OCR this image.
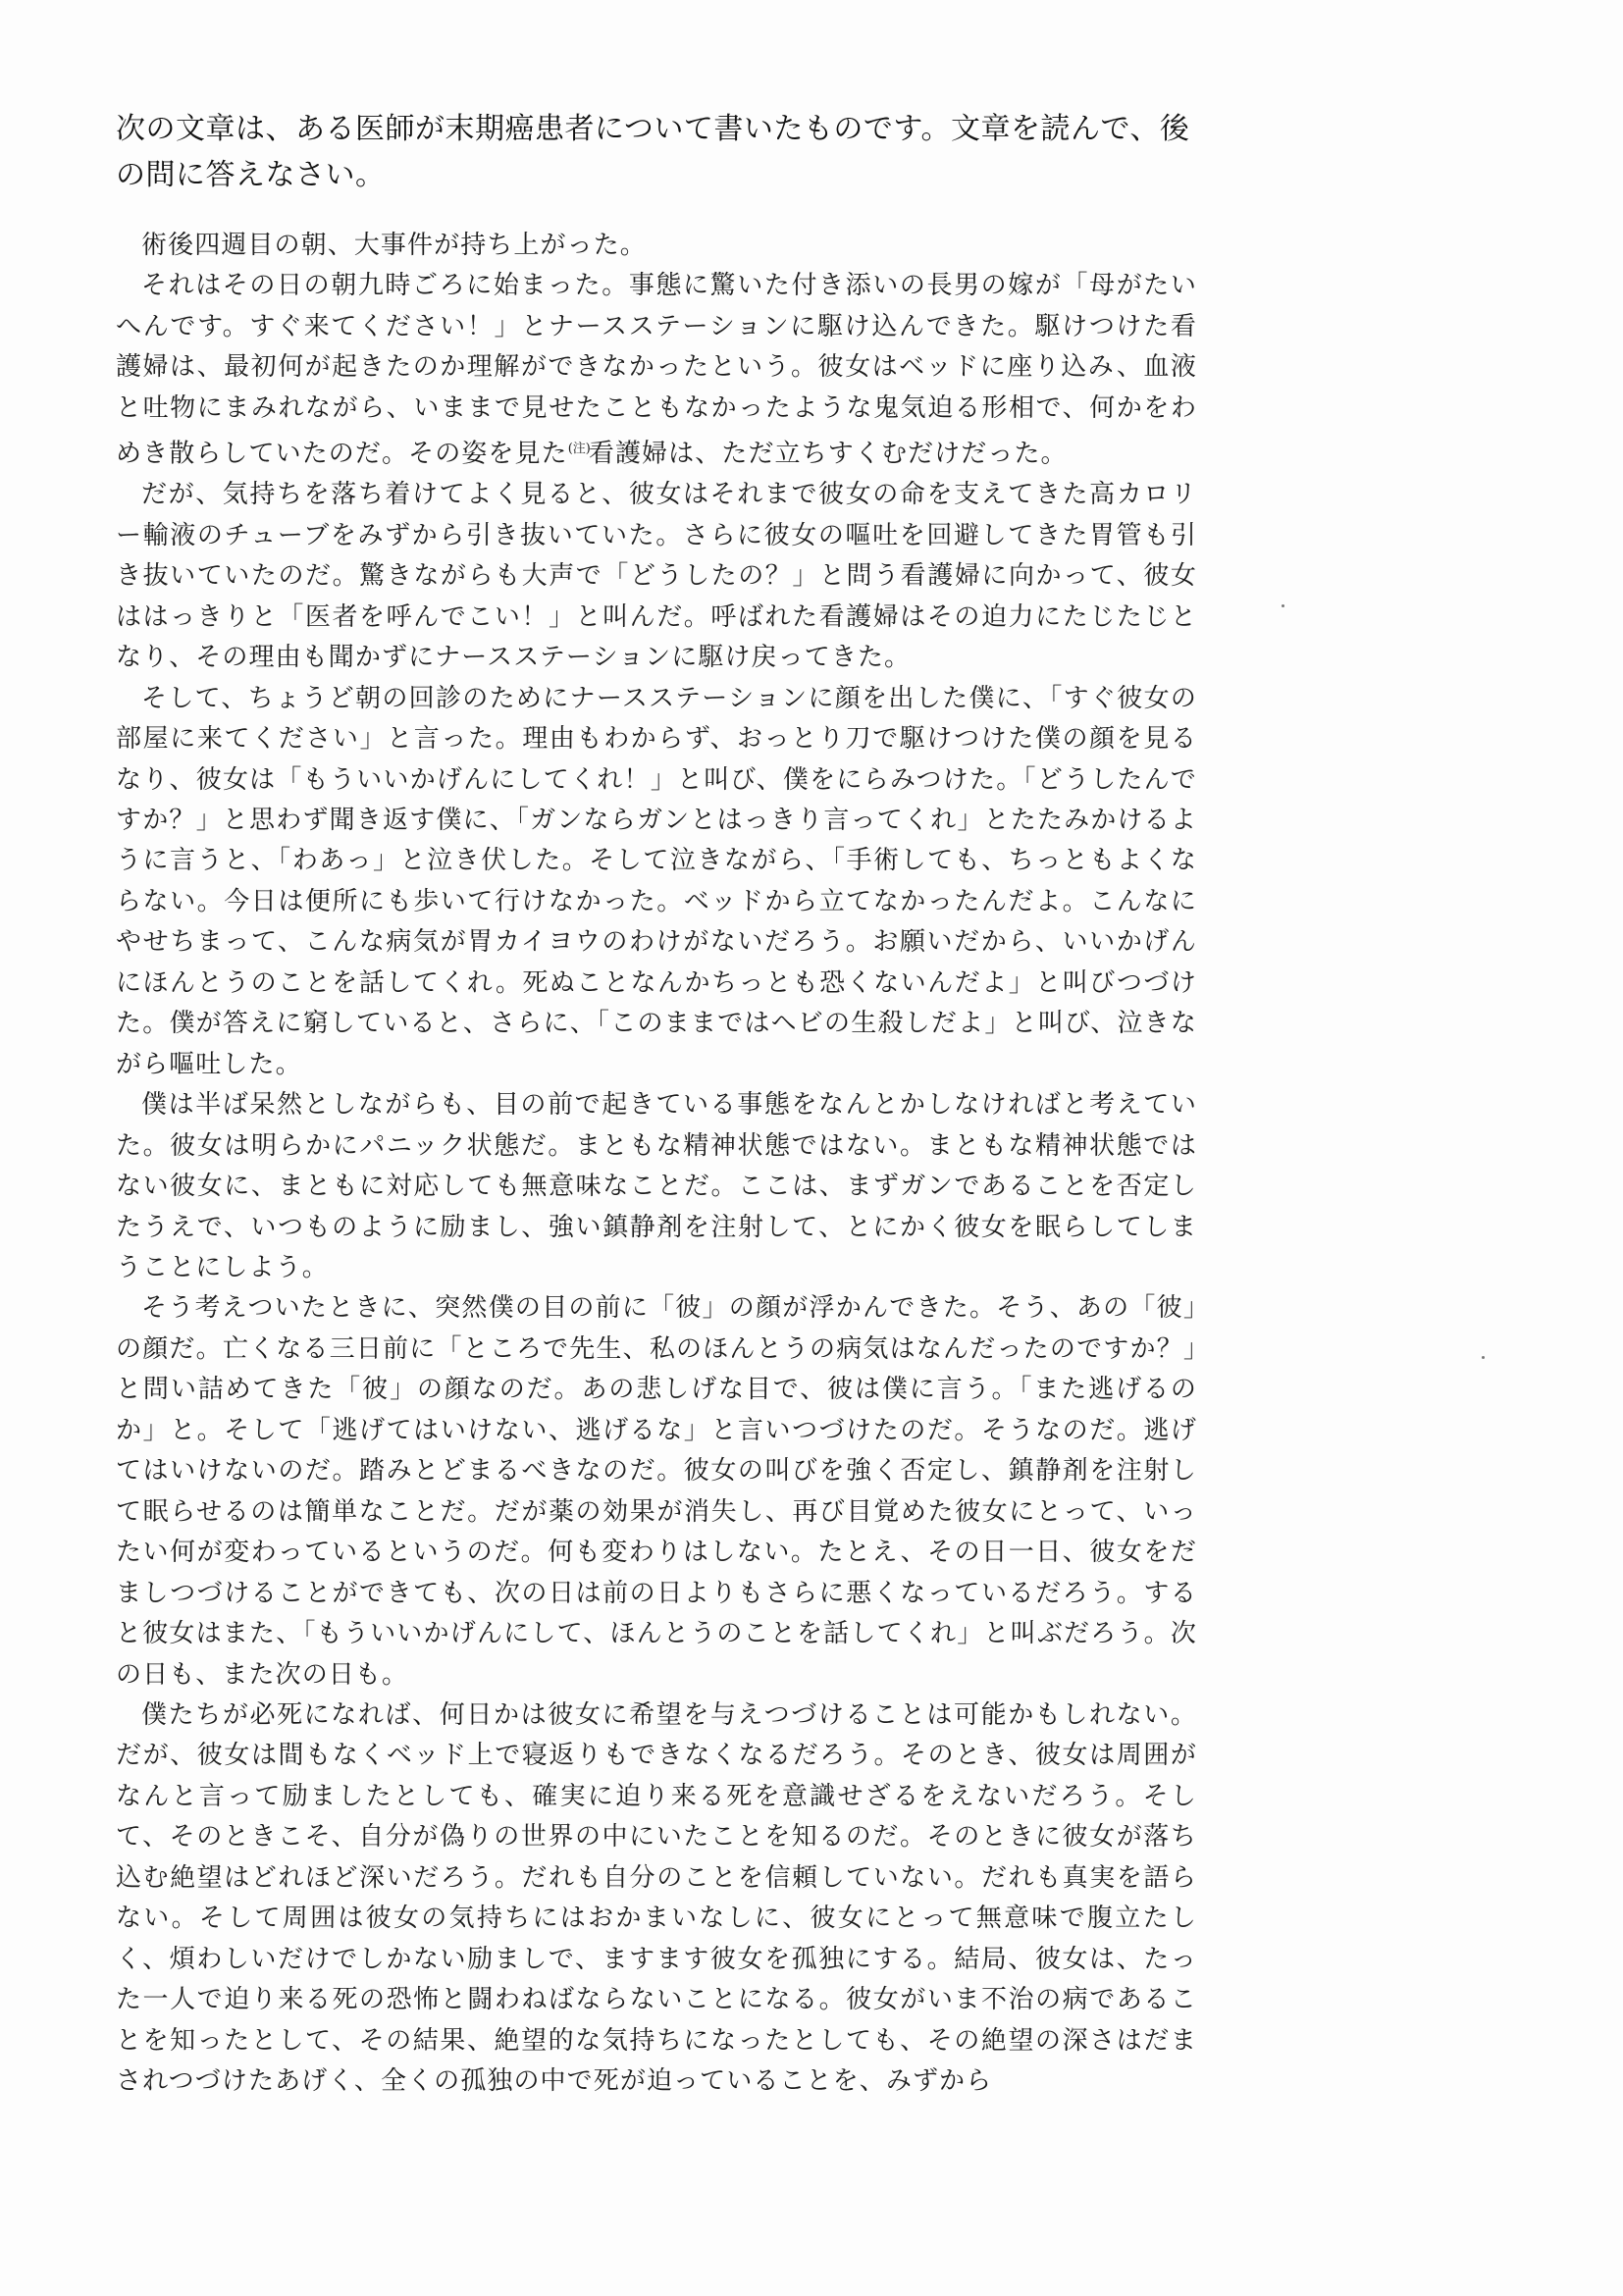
次の文章は、ある医師が末期癌患者について書いたものです。文章を読んで、後の問に答えなさい。

術後四週目の朝、大事件が持ち上がった。

それはその日の朝九時ごろに始まった。事態に驚いた付き添いの長男の嫁が「母がたいへんです。すぐ来てください！」とナースステーションに駆け込んできた。駆けつけた看護婦は、最初何が起きたのか理解ができなかったという。彼女はベッドに座り込み、血液と吐物にまみれながら、いままで見せたこともなかったような鬼気迫る形相で、何かをわめき散らしていたのだ。その姿を見た$^{(注)}$看護婦は、ただ立ちすくむだけだった。

だが、気持ちを落ち着けてよく見ると、彼女はそれまで彼女の命を支えてきた高カロリー輸液のチューブをみずから引き抜いていた。さらに彼女の嘔吐を回避してきた胃管も引き抜いていたのだ。驚きながらも大声で「どうしたの？」と問う看護婦に向かって、彼女ははっきりと「医者を呼んでこい！」と叫んだ。呼ばれた看護婦はその迫力にたじたじとなり、その理由も聞かずにナースステーションに駆け戻ってきた。

そして、ちょうど朝の回診のためにナースステーションに顔を出した僕に、「すぐ彼女の部屋に来てください」と言った。理由もわからず、おっとり刀で駆けつけた僕の顔を見るなり、彼女は「もういいかげんにしてくれ！」と叫び、僕をにらみつけた。「どうしたんですか？」と思わず聞き返す僕に、「ガンならガンとはっきり言ってくれ」とたたみかけるように言うと、「わあっ」と泣き伏した。そして泣きながら、「手術しても、ちっともよくならない。今日は便所にも歩いて行けなかった。ベッドから立てなかったんだよ。こんなにやせちまって、こんな病気が胃カイヨウのわけがないだろう。お願いだから、いいかげんにほんとうのことを話してくれ。死ぬことなんかちっとも恐くないんだよ」と叫びつづけた。僕が答えに窮していると、さらに、「このままではヘビの生殺しだよ」と叫び、泣きながら嘔吐した。

僕は半ば呆然としながらも、目の前で起きている事態をなんとかしなければと考えていた。彼女は明らかにパニック状態だ。まともな精神状態ではない。まともな精神状態ではない彼女に、まともに対応しても無意味なことだ。ここは、まずガンであることを否定したうえで、いつものように励まし、強い鎮静剤を注射して、とにかく彼女を眠らしてしまうことにしよう。

そう考えついたときに、突然僕の目の前に「彼」の顔が浮かんできた。そう、あの「彼」の顔だ。亡くなる三日前に「ところで先生、私のほんとうの病気はなんだったのですか？」と問い詰めてきた「彼」の顔なのだ。あの悲しげな目で、彼は僕に言う。「また逃げるのか」と。そして「逃げてはいけない、逃げるな」と言いつづけたのだ。そうなのだ。逃げてはいけないのだ。踏みとどまるべきなのだ。彼女の叫びを強く否定し、鎮静剤を注射して眠らせるのは簡単なことだ。だが薬の効果が消失し、再び目覚めた彼女にとって、いったい何が変わっているというのだ。何も変わりはしない。たとえ、その日一日、彼女をだましつづけることができても、次の日は前の日よりもさらに悪くなっているだろう。すると彼女はまた、「もういいかげんにして、ほんとうのことを話してくれ」と叫ぶだろう。次の日も、また次の日も。

僕たちが必死になれば、何日かは彼女に希望を与えつづけることは可能かもしれない。だが、彼女は間もなくベッド上で寝返りもできなくなるだろう。そのとき、彼女は周囲がなんと言って励ましたとしても、確実に迫り来る死を意識せざるをえないだろう。そして、そのときこそ、自分が偽りの世界の中にいたことを知るのだ。そのときに彼女が落ち込む絶望はどれほど深いだろう。だれも自分のことを信頼していない。だれも真実を語らない。そして周囲は彼女の気持ちにはおかまいなしに、彼女にとって無意味で腹立たしく、煩わしいだけでしかない励ましで、ますます彼女を孤独にする。結局、彼女は、たった一人で迫り来る死の恐怖と闘わねばならないことになる。彼女がいま不治の病であることを知ったとして、その結果、絶望的な気持ちになったとしても、その絶望の深さはだまされつづけたあげく、全くの孤独の中で死が迫っていることを、みずから
